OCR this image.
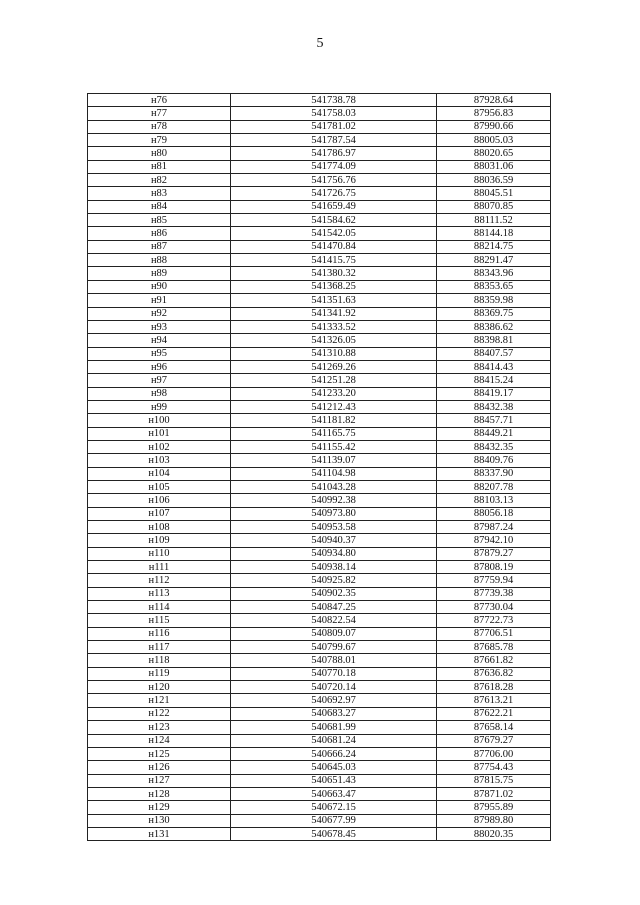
5
н76	541738.78	87928.64
н77	541758.03	87956.83
н78	541781.02	87990.66
н79	541787.54	88005.03
н80	541786.97	88020.65
н81	541774.09	88031.06
н82	541756.76	88036.59
н83	541726.75	88045.51
н84	541659.49	88070.85
н85	541584.62	88111.52
н86	541542.05	88144.18
н87	541470.84	88214.75
н88	541415.75	88291.47
н89	541380.32	88343.96
н90	541368.25	88353.65
н91	541351.63	88359.98
н92	541341.92	88369.75
н93	541333.52	88386.62
н94	541326.05	88398.81
н95	541310.88	88407.57
н96	541269.26	88414.43
н97	541251.28	88415.24
н98	541233.20	88419.17
н99	541212.43	88432.38
н100	541181.82	88457.71
н101	541165.75	88449.21
н102	541155.42	88432.35
н103	541139.07	88409.76
н104	541104.98	88337.90
н105	541043.28	88207.78
н106	540992.38	88103.13
н107	540973.80	88056.18
н108	540953.58	87987.24
н109	540940.37	87942.10
н110	540934.80	87879.27
н111	540938.14	87808.19
н112	540925.82	87759.94
н113	540902.35	87739.38
н114	540847.25	87730.04
н115	540822.54	87722.73
н116	540809.07	87706.51
н117	540799.67	87685.78
н118	540788.01	87661.82
н119	540770.18	87636.82
н120	540720.14	87618.28
н121	540692.97	87613.21
н122	540683.27	87622.21
н123	540681.99	87658.14
н124	540681.24	87679.27
н125	540666.24	87706.00
н126	540645.03	87754.43
н127	540651.43	87815.75
н128	540663.47	87871.02
н129	540672.15	87955.89
н130	540677.99	87989.80
н131	540678.45	88020.35
